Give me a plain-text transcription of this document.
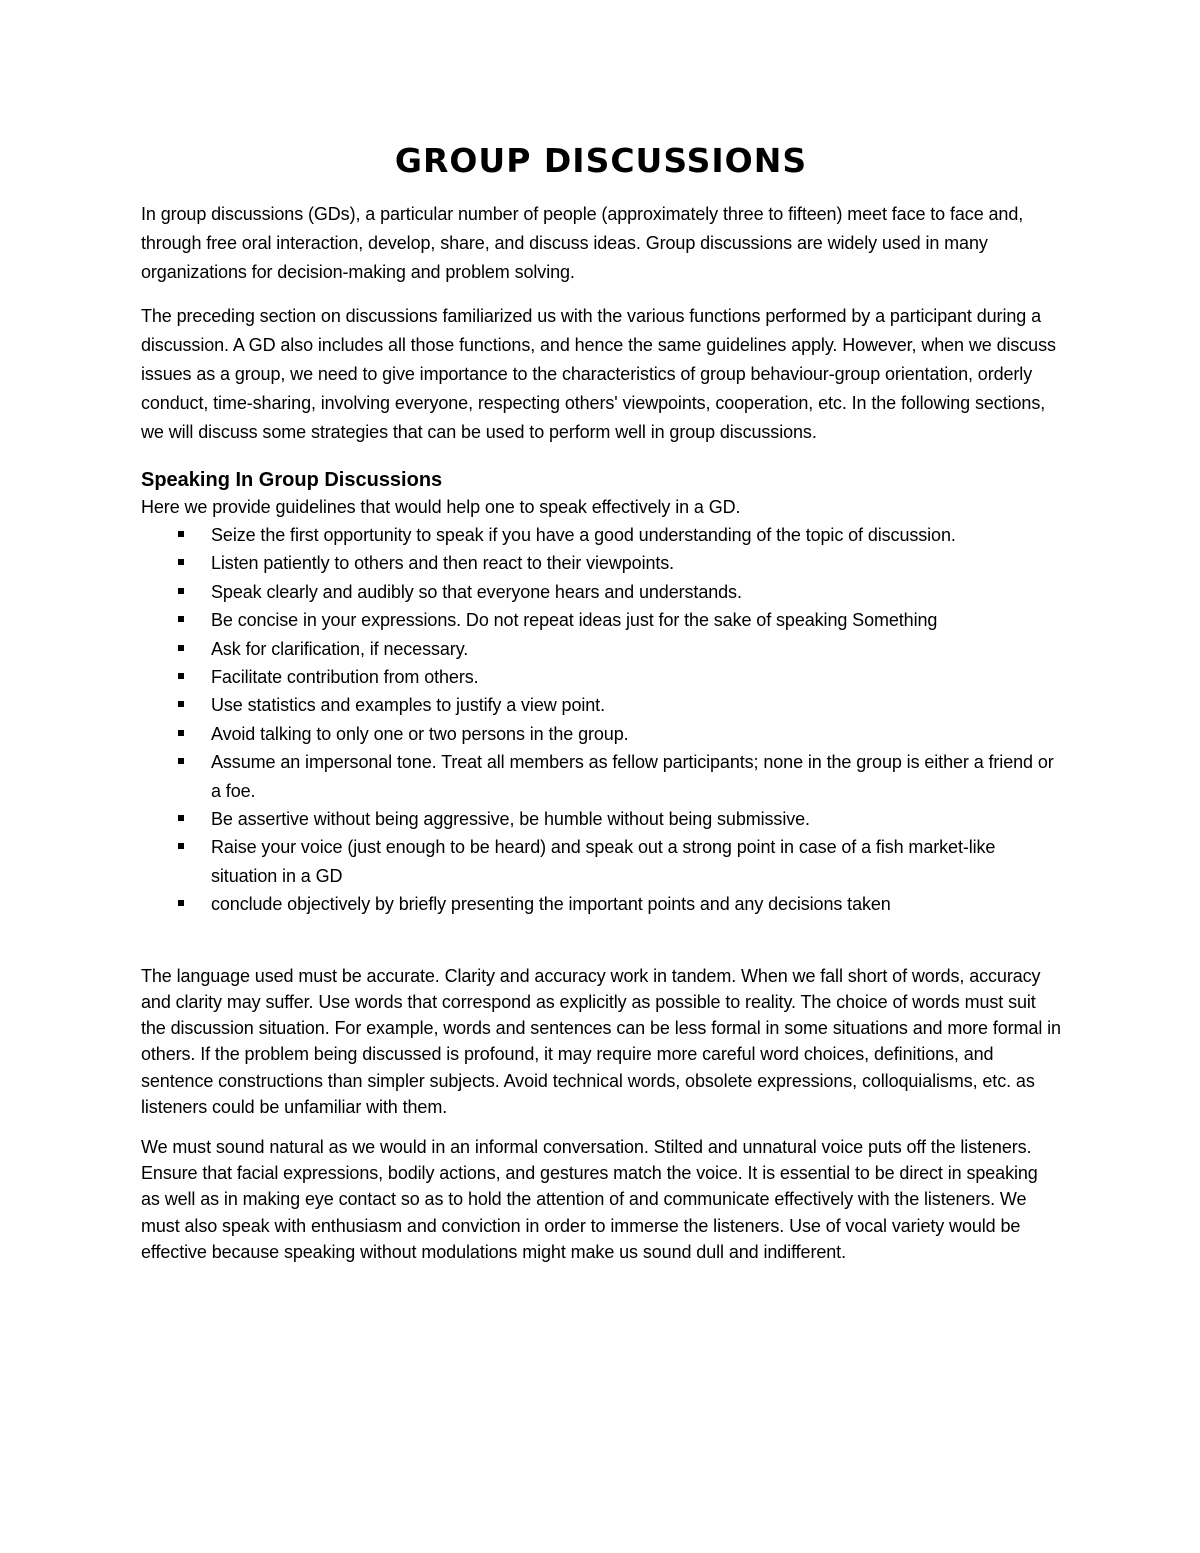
GROUP DISCUSSIONS

In group discussions (GDs), a particular number of people (approximately three to fifteen) meet face to face and, through free oral interaction, develop, share, and discuss ideas. Group discussions are widely used in many organizations for decision-making and problem solving.

The preceding section on discussions familiarized us with the various functions performed by a participant during a discussion. A GD also includes all those functions, and hence the same guidelines apply. However, when we discuss issues as a group, we need to give importance to the characteristics of group behaviour-group orientation, orderly conduct, time-sharing, involving everyone, respecting others' viewpoints, cooperation, etc. In the following sections, we will discuss some strategies that can be used to perform well in group discussions.

Speaking In Group Discussions

Here we provide guidelines that would help one to speak effectively in a GD.

Seize the first opportunity to speak if you have a good understanding of the topic of discussion.
Listen patiently to others and then react to their viewpoints.
Speak clearly and audibly so that everyone hears and understands.
Be concise in your expressions. Do not repeat ideas just for the sake of speaking Something
Ask for clarification, if necessary.
Facilitate contribution from others.
Use statistics and examples to justify a view point.
Avoid talking to only one or two persons in the group.
Assume an impersonal tone. Treat all members as fellow participants; none in the group is either a friend or a foe.
Be assertive without being aggressive, be humble without being submissive.
Raise your voice (just enough to be heard) and speak out a strong point in case of a fish market-like situation in a GD
conclude objectively by briefly presenting the important points and any decisions taken

The language used must be accurate. Clarity and accuracy work in tandem. When we fall short of words, accuracy and clarity may suffer. Use words that correspond as explicitly as possible to reality. The choice of words must suit the discussion situation. For example, words and sentences can be less formal in some situations and more formal in others. If the problem being discussed is profound, it may require more careful word choices, definitions, and sentence constructions than simpler subjects. Avoid technical words, obsolete expressions, colloquialisms, etc. as listeners could be unfamiliar with them.

We must sound natural as we would in an informal conversation. Stilted and unnatural voice puts off the listeners. Ensure that facial expressions, bodily actions, and gestures match the voice. It is essential to be direct in speaking as well as in making eye contact so as to hold the attention of and communicate effectively with the listeners. We must also speak with enthusiasm and conviction in order to immerse the listeners. Use of vocal variety would be effective because speaking without modulations might make us sound dull and indifferent.
